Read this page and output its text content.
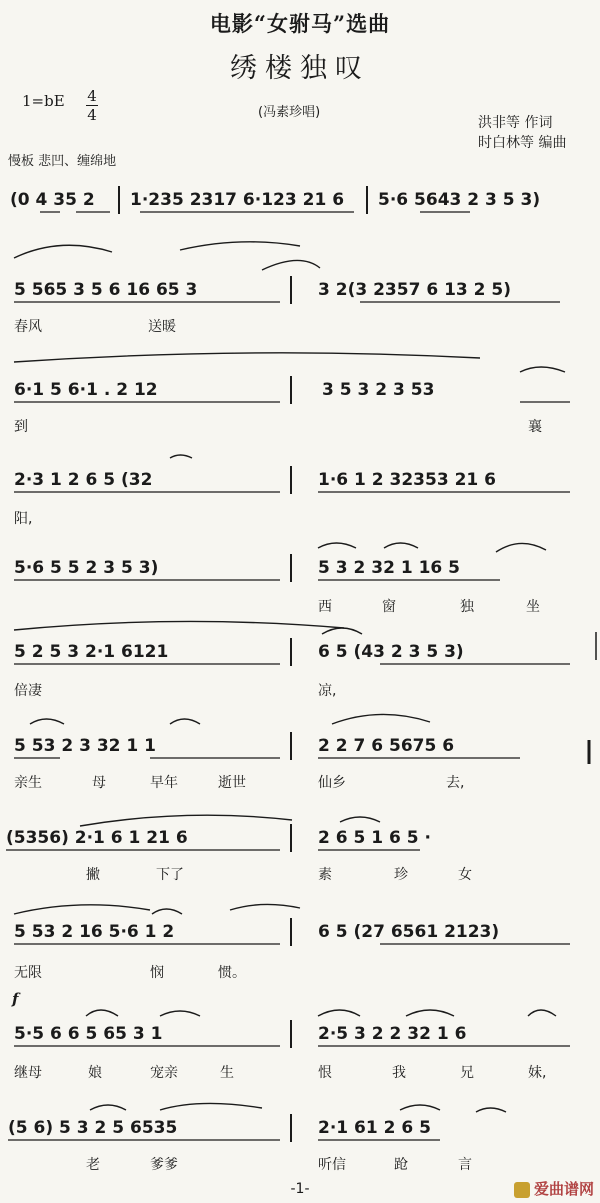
电影“女驸马”选曲
绣楼独叹
1=bE 4
4	(冯素珍唱)
洪非等 作词
时白林等 编曲
慢板 悲凹、缠绵地
(0 4 35 2 1·235 2317 6·123 21 6 5·6 5643 2 3 5 3)
5 565 3 5 6 16 65 3	3 2(3 2357 6 13 2 5)
春风	送暖
6·1 5 6·1 . 2 12	3 5 3 2 3 53
到	襄
2·3 1 2 6 5 (32	1·6 1 2 32353 21 6
阳,
5·6 5 5 2 3 5 3)	5 3 2 32 1 16 5
西	窗	独	坐
5 2 5 3 2·1 6121	6 5 (43 2 3 5 3)
倍凄	凉,
5 53 2 3 32 1 1	2 2 7 6 5675 6
亲生	母	早年	逝世	仙乡	去,
(5356) 2·1 6 1 21 6	2 6 5 1 6 5 ·
撇	下了	素	珍	女
5 53 2 16 5·6 1 2	6 5 (27 6561 2123)
无限	悯	惯。
f
5·5 6 6 5 65 3 1	2·5 3 2 2 32 1 6
继母	娘	宠亲	生	恨	我	兄	妹,
(5 6) 5 3 2 5 6535	2·1 61 2 6 5
老	爹爹	听信	跄	言
-1-	爱曲谱网
